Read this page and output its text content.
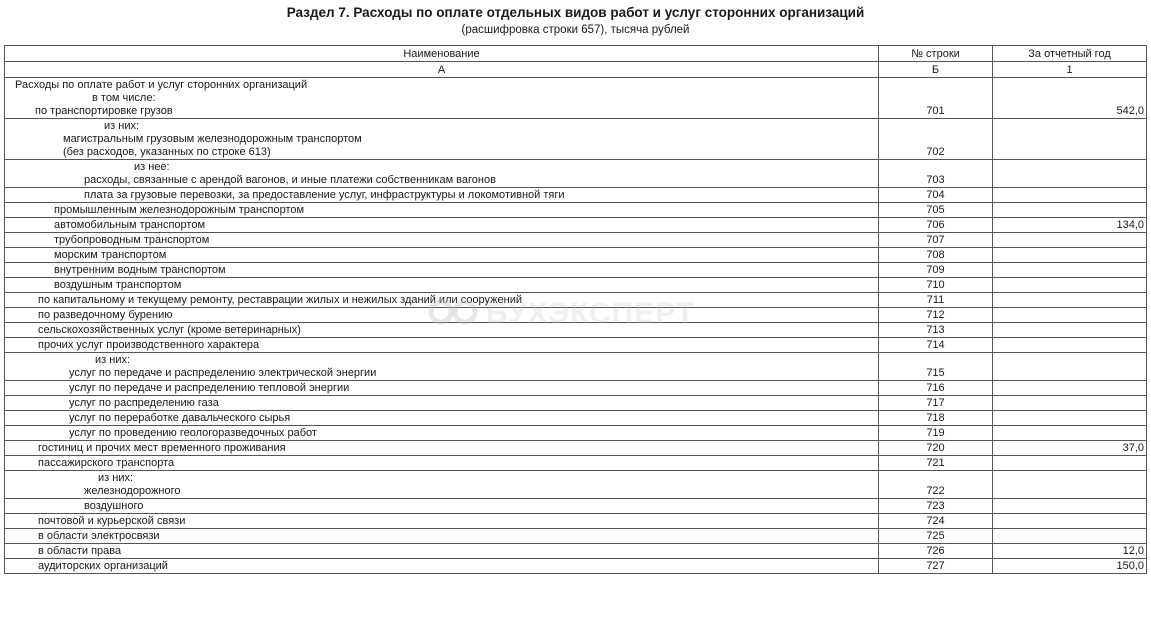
Раздел 7. Расходы по оплате отдельных видов работ и услуг сторонних организаций
(расшифровка строки 657), тысяча рублей
Наименование	№ строки	За отчетный год
А	Б	1

Расходы по оплате работ и услуг сторонних организаций
в том числе:
по транспортировке грузов	701	542,0

из них:
магистральным грузовым железнодорожным транспортом
(без расходов, указанных по строке 613)	702	

из нее:
расходы, связанные с арендой вагонов, и иные платежи собственникам вагонов	703	

плата за грузовые перевозки, за предоставление услуг, инфраструктуры и локомотивной тяги	704	

промышленным железнодорожным транспортом	705	

автомобильным транспортом	706	134,0

трубопроводным транспортом	707	

морским транспортом	708	

внутренним водным транспортом	709	

воздушным транспортом	710	

по капитальному и текущему ремонту, реставрации жилых и нежилых зданий или сооружений	711	

по разведочному бурению	712	

сельскохозяйственных услуг (кроме ветеринарных)	713	

прочих услуг производственного характера	714	

из них:
услуг по передаче и распределению электрической энергии	715	

услуг по передаче и распределению тепловой энергии	716	

услуг по распределению газа	717	

услуг по переработке давальческого сырья	718	

услуг по проведению геологоразведочных работ	719	

гостиниц и прочих мест временного проживания	720	37,0

пассажирского транспорта	721	

из них:
железнодорожного	722	

воздушного	723	

почтовой и курьерской связи	724	

в области электросвязи	725	

в области права	726	12,0

аудиторских организаций	727	150,0
БУХЭКСПЕРТ
